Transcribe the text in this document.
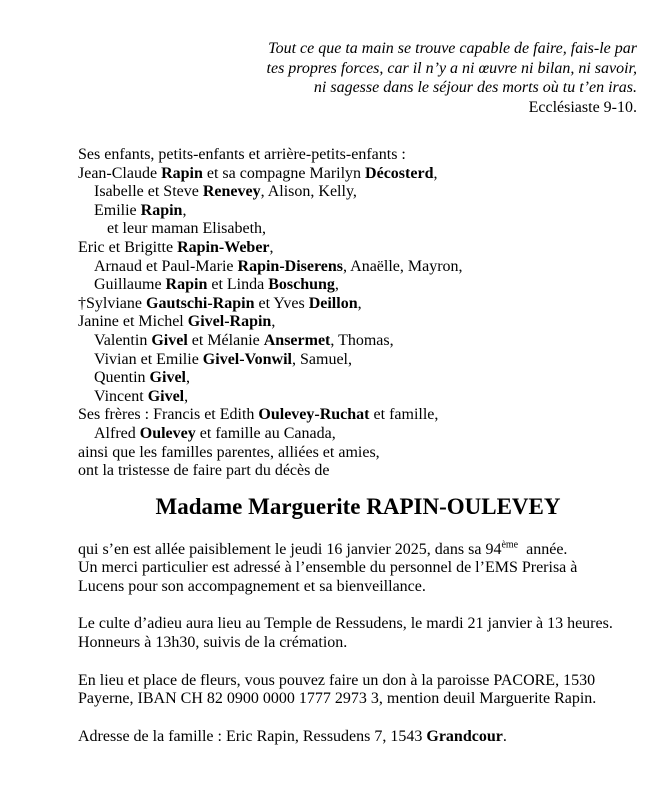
Tout ce que ta main se trouve capable de faire, fais-le par
tes propres forces, car il n’y a ni œuvre ni bilan, ni savoir,
ni sagesse dans le séjour des morts où tu t’en iras.
Ecclésiaste 9-10.
Ses enfants, petits-enfants et arrière-petits-enfants :
Jean-Claude Rapin et sa compagne Marilyn Décosterd,
Isabelle et Steve Renevey, Alison, Kelly,
Emilie Rapin,
et leur maman Elisabeth,
Eric et Brigitte Rapin-Weber,
Arnaud et Paul-Marie Rapin-Diserens, Anaëlle, Mayron,
Guillaume Rapin et Linda Boschung,
†Sylviane Gautschi-Rapin et Yves Deillon,
Janine et Michel Givel-Rapin,
Valentin Givel et Mélanie Ansermet, Thomas,
Vivian et Emilie Givel-Vonwil, Samuel,
Quentin Givel,
Vincent Givel,
Ses frères : Francis et Edith Oulevey-Ruchat et famille,
Alfred Oulevey et famille au Canada,
ainsi que les familles parentes, alliées et amies,
ont la tristesse de faire part du décès de
Madame Marguerite RAPIN-OULEVEY
qui s’en est allée paisiblement le jeudi 16 janvier 2025, dans sa 94ème  année.
Un merci particulier est adressé à l’ensemble du personnel de l’EMS Prerisa à
Lucens pour son accompagnement et sa bienveillance.
Le culte d’adieu aura lieu au Temple de Ressudens, le mardi 21 janvier à 13 heures.
Honneurs à 13h30, suivis de la crémation.
En lieu et place de fleurs, vous pouvez faire un don à la paroisse PACORE, 1530
Payerne, IBAN CH 82 0900 0000 1777 2973 3, mention deuil Marguerite Rapin.
Adresse de la famille : Eric Rapin, Ressudens 7, 1543 Grandcour.
